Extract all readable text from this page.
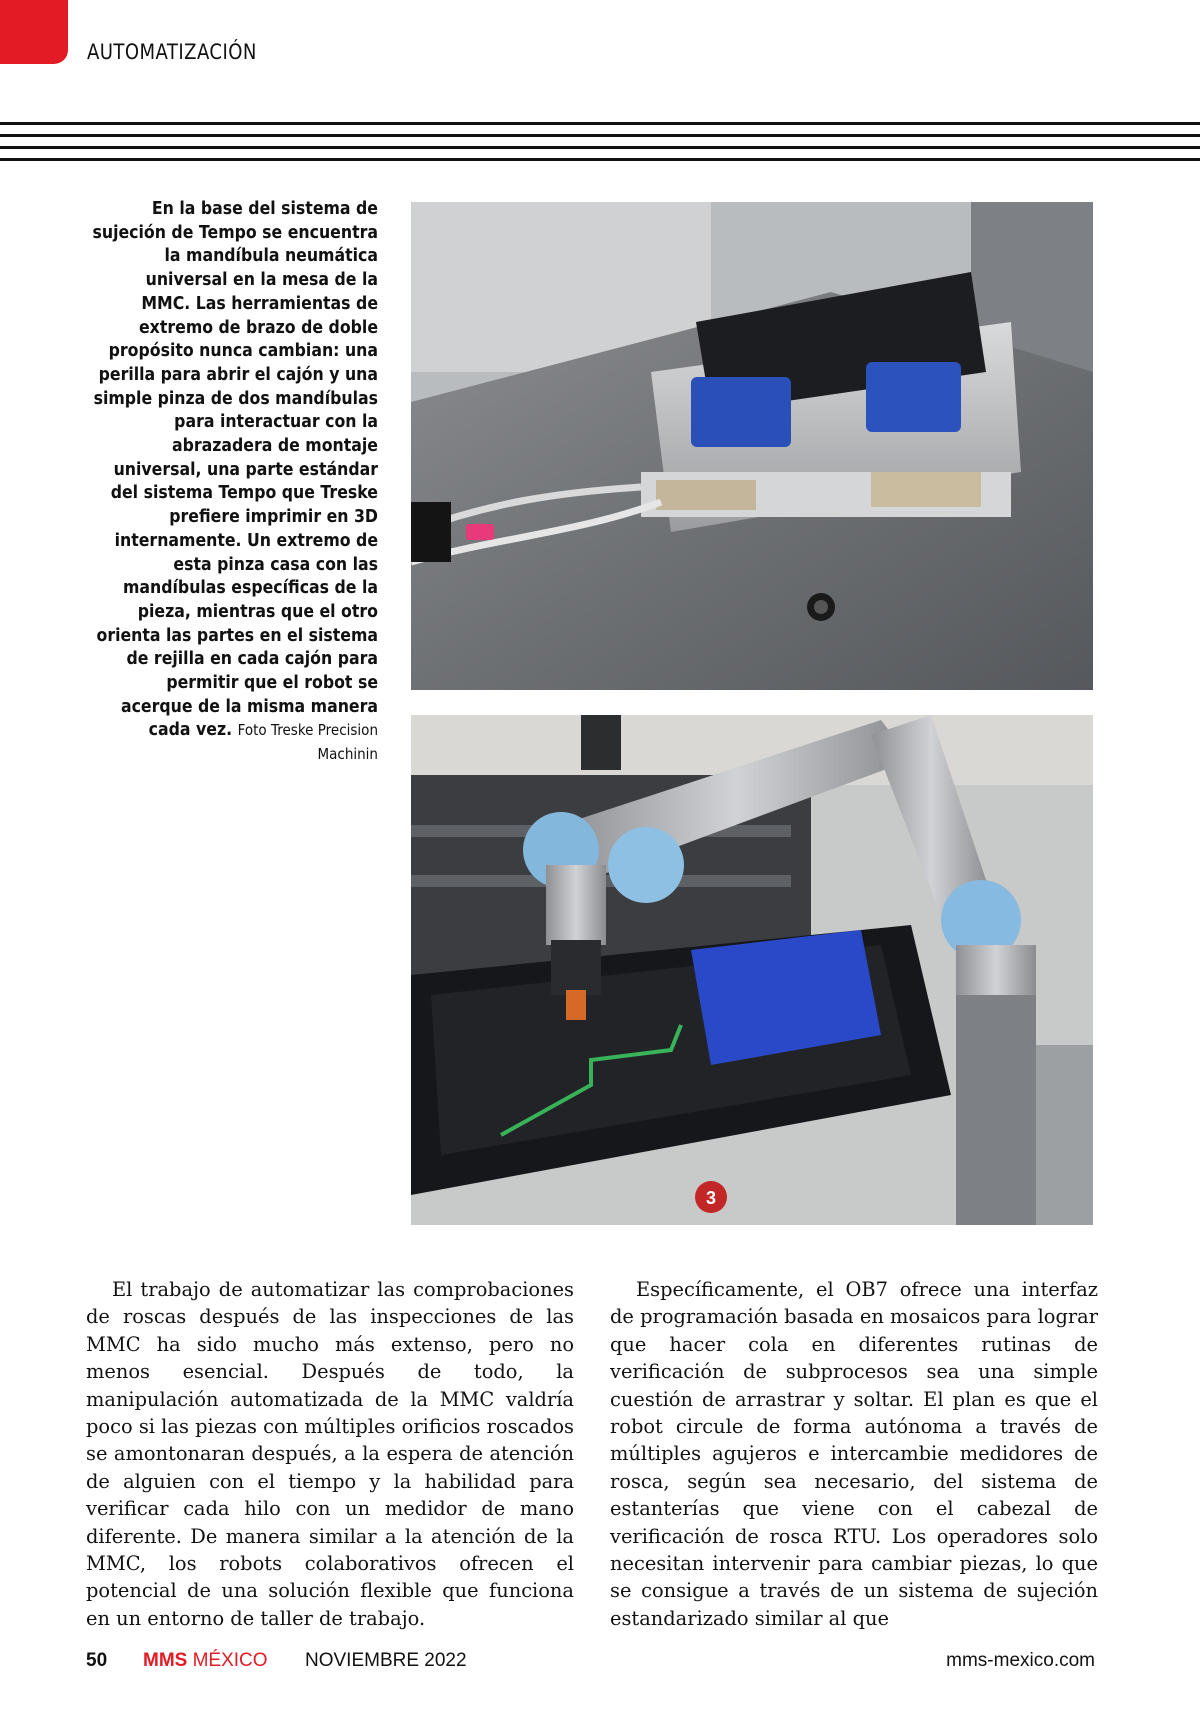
AUTOMATIZACIÓN
En la base del sistema de sujeción de Tempo se encuentra la mandíbula neumática universal en la mesa de la MMC. Las herramientas de extremo de brazo de doble propósito nunca cambian: una perilla para abrir el cajón y una simple pinza de dos mandíbulas para interactuar con la abrazadera de montaje universal, una parte estándar del sistema Tempo que Treske prefiere imprimir en 3D internamente. Un extremo de esta pinza casa con las mandíbulas específicas de la pieza, mientras que el otro orienta las partes en el sistema de rejilla en cada cajón para permitir que el robot se acerque de la misma manera cada vez. Foto Treske Precision Machinin
3

El trabajo de automatizar las comprobaciones de roscas después de las inspecciones de las MMC ha sido mucho más extenso, pero no menos esencial. Después de todo, la manipulación automatizada de la MMC valdría poco si las piezas con múltiples orificios roscados se amontonaran después, a la espera de atención de alguien con el tiempo y la habilidad para verificar cada hilo con un medidor de mano diferente. De manera similar a la atención de la MMC, los robots colaborativos ofrecen el potencial de una solución flexible que funciona en un entorno de taller de trabajo.

Específicamente, el OB7 ofrece una interfaz de programación basada en mosaicos para lograr que hacer cola en diferentes rutinas de verificación de subprocesos sea una simple cuestión de arrastrar y soltar. El plan es que el robot circule de forma autónoma a través de múltiples agujeros e intercambie medidores de rosca, según sea necesario, del sistema de estanterías que viene con el cabezal de verificación de rosca RTU. Los operadores solo necesitan intervenir para cambiar piezas, lo que se consigue a través de un sistema de sujeción estandarizado similar al que

50 MMS MÉXICO NOVIEMBRE 2022	mms-mexico.com
